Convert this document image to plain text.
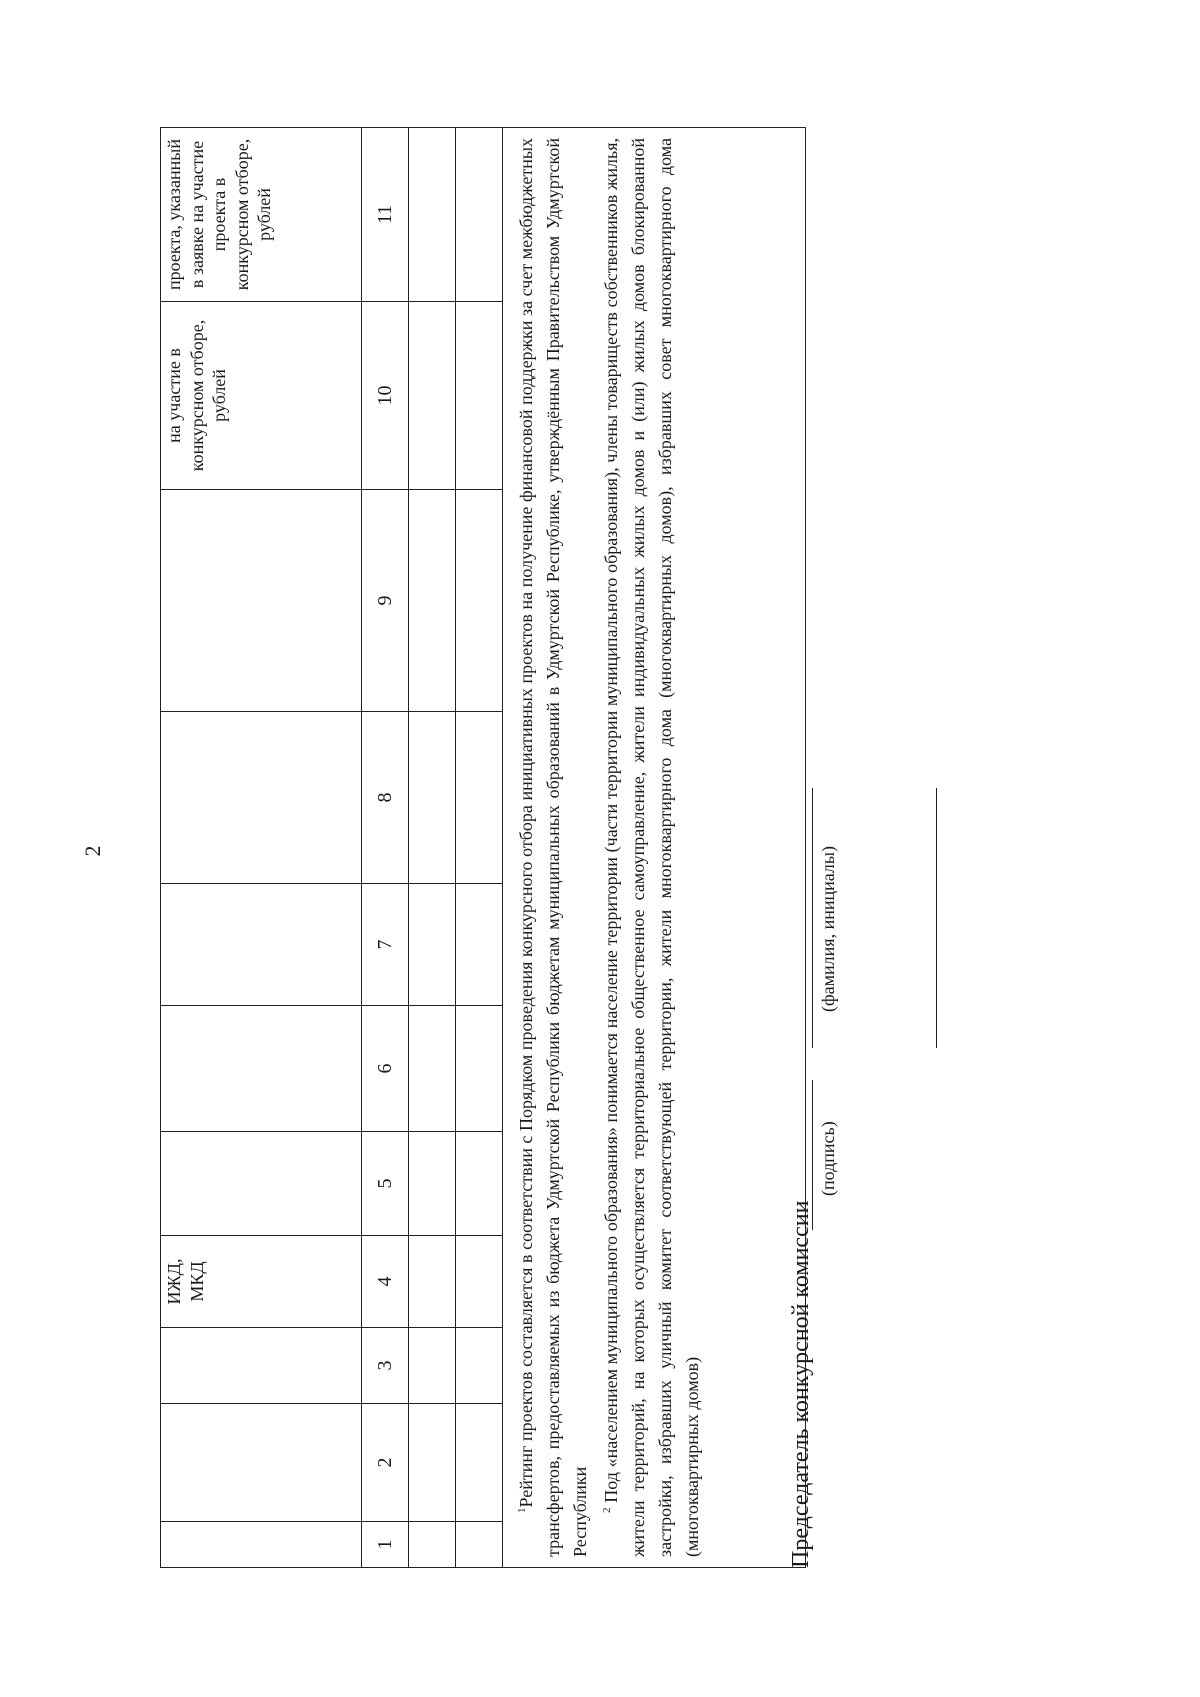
2
			ИЖД, МКД						на участие в конкурсном отборе, рублей	проекта, указанный в заявке на участие проекта в конкурсном отборе, рублей
1	2	3	4	5	6	7	8	9	10	11

$^1$Рейтинг проектов составляется в соответствии с Порядком проведения конкурсного отбора инициативных проектов на получение финансовой поддержки за счет межбюджетных трансфертов, предоставляемых из бюджета Удмуртской Республики бюджетам муниципальных образований в Удмуртской Республике, утверждённым Правительством Удмуртской Республики $^2$ Под «населением муниципального образования» понимается население территории (части территории муниципального образования), члены товариществ собственников жилья, жители территорий, на которых осуществляется территориальное общественное самоуправление, жители индивидуальных жилых домов и (или) жилых домов блокированной застройки, избравших уличный комитет соответствующей территории, жители многоквартирного дома (многоквартирных домов), избравших совет многоквартирного дома (многоквартирных домов)											Председатель конкурсной комиссии
(подпись)
(фамилия, инициалы)
